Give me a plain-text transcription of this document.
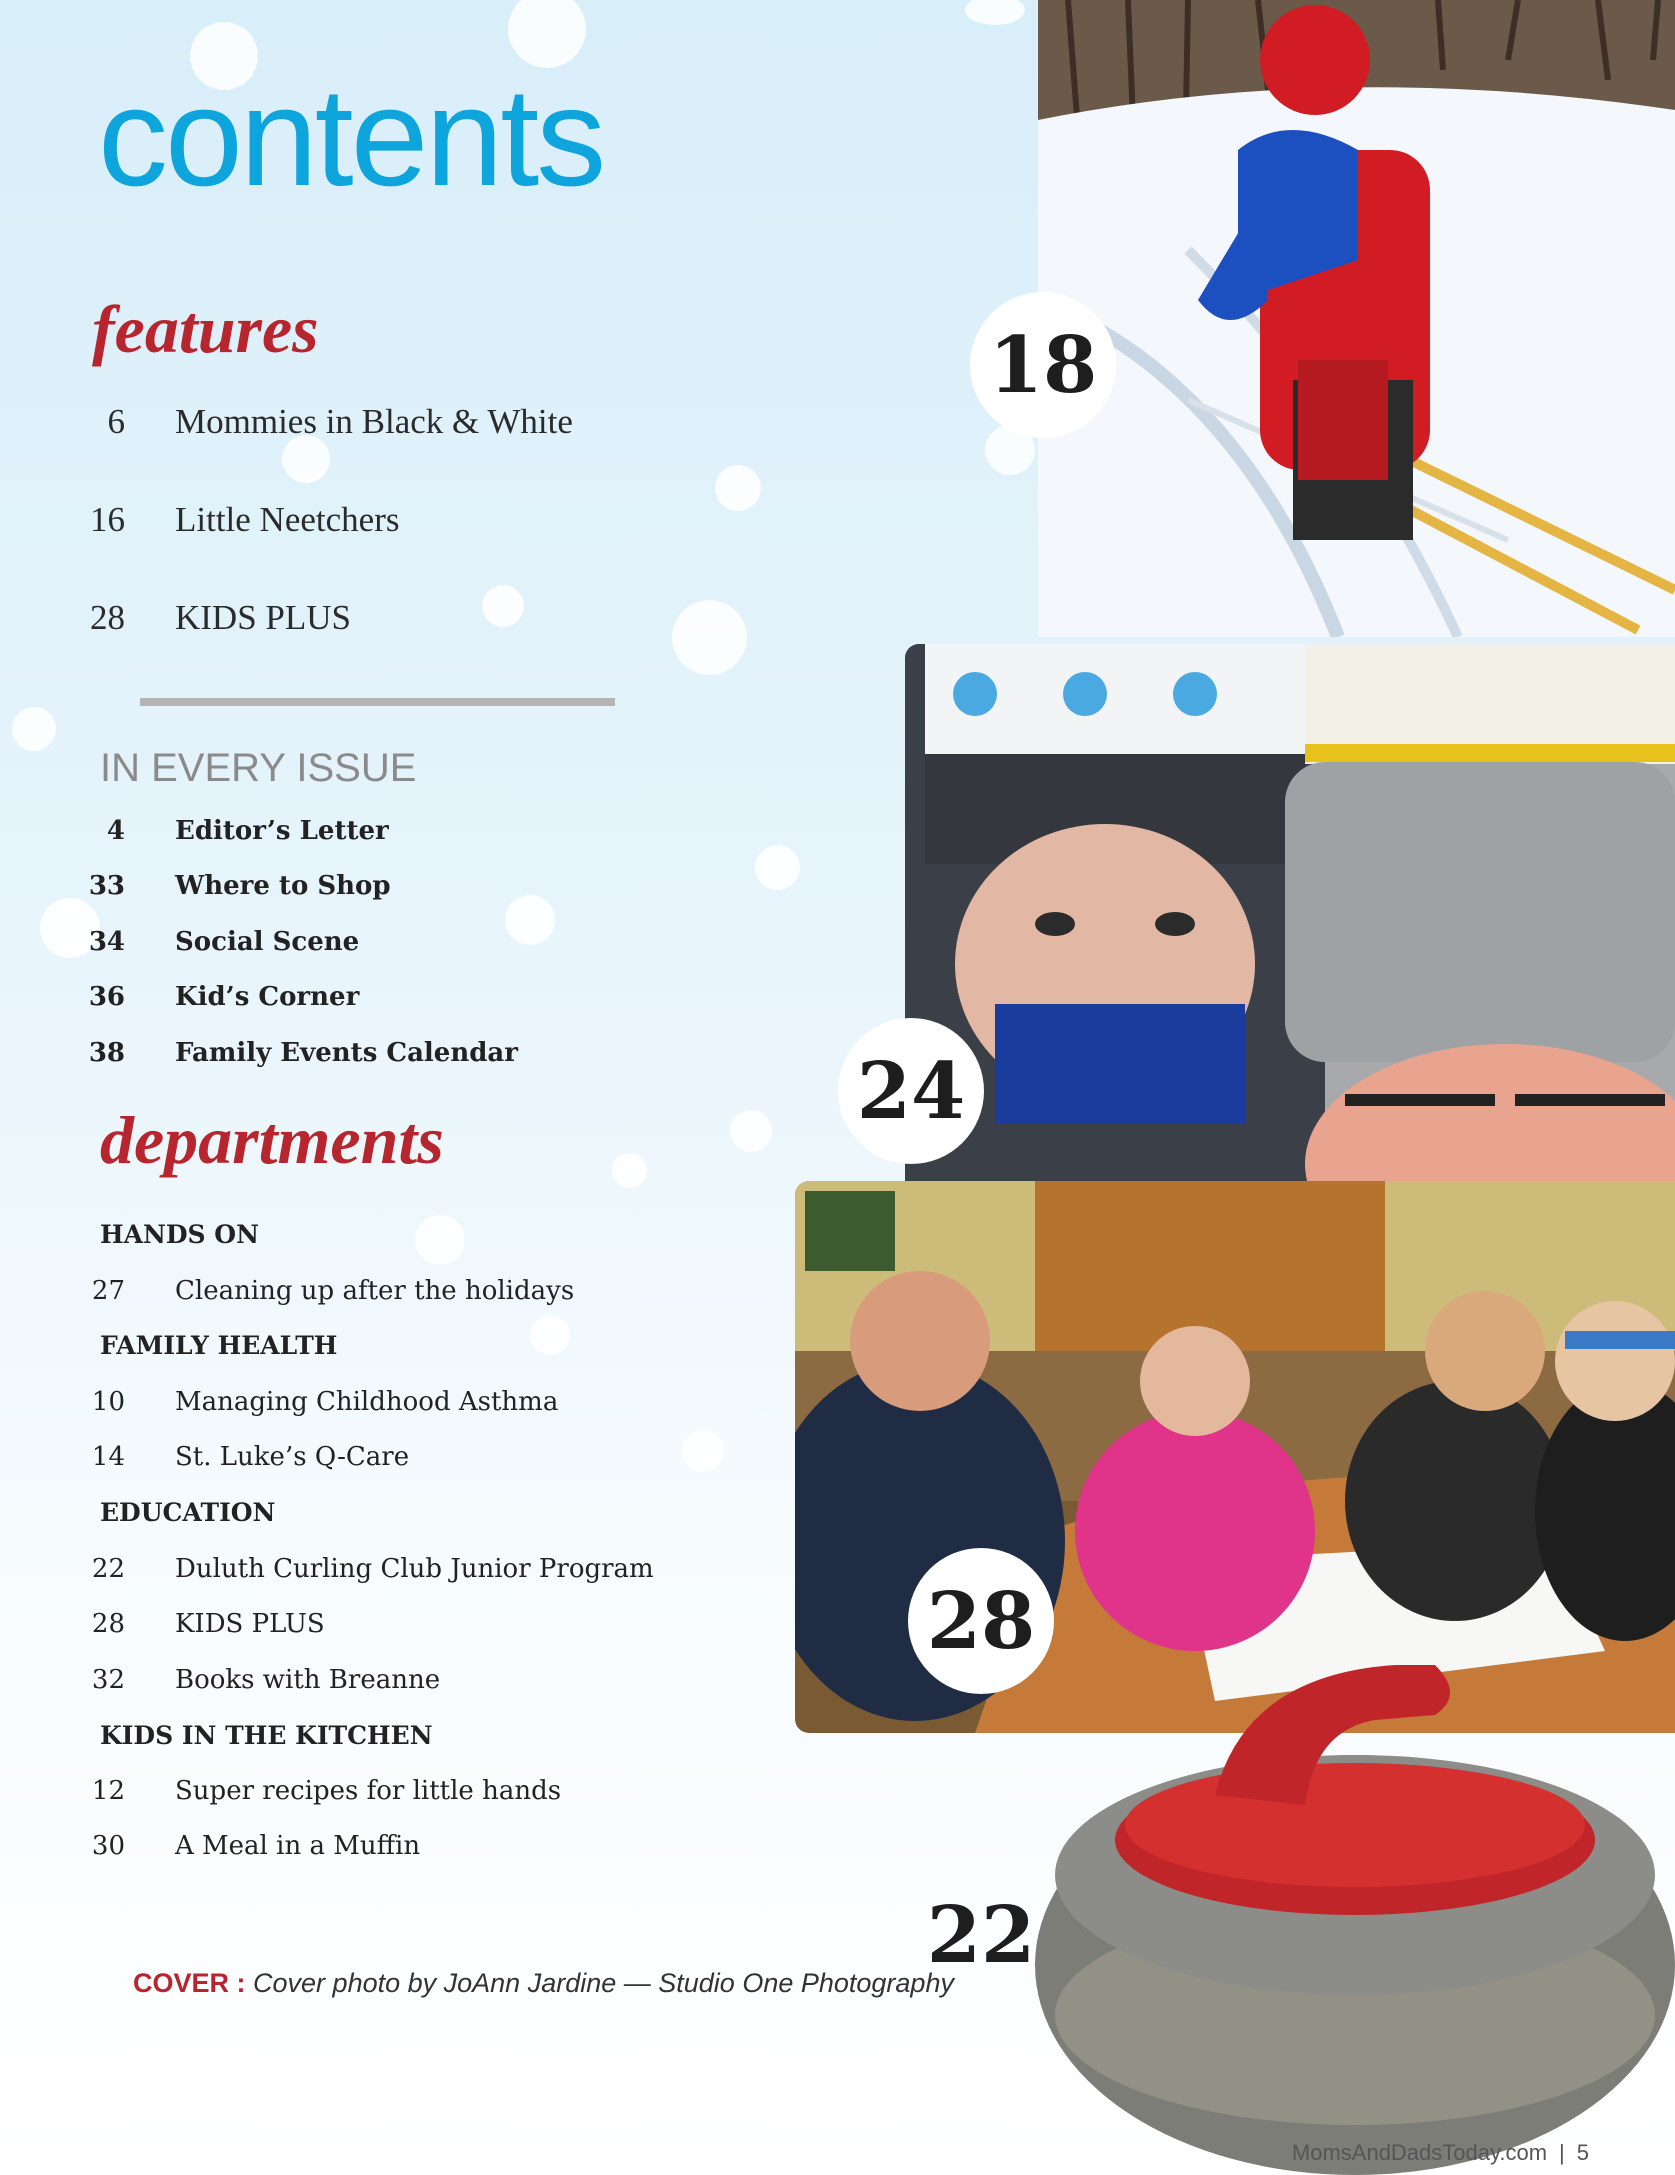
contents
features
6	Mommies in Black & White
16	Little Neetchers
28	KIDS PLUS
IN EVERY ISSUE
4	Editor’s Letter
33	Where to Shop
34	Social Scene
36	Kid’s Corner
38	Family Events Calendar
departments
HANDS ON
27	Cleaning up after the holidays
FAMILY HEALTH
10	Managing Childhood Asthma
14	St. Luke’s Q-Care
EDUCATION
22	Duluth Curling Club Junior Program
28	KIDS PLUS
32	Books with Breanne
KIDS IN THE KITCHEN
12	Super recipes for little hands
30	A Meal in a Muffin
COVER : Cover photo by JoAnn Jardine — Studio One Photography
18
24
28
22
MomsAndDadsToday.com | 5
